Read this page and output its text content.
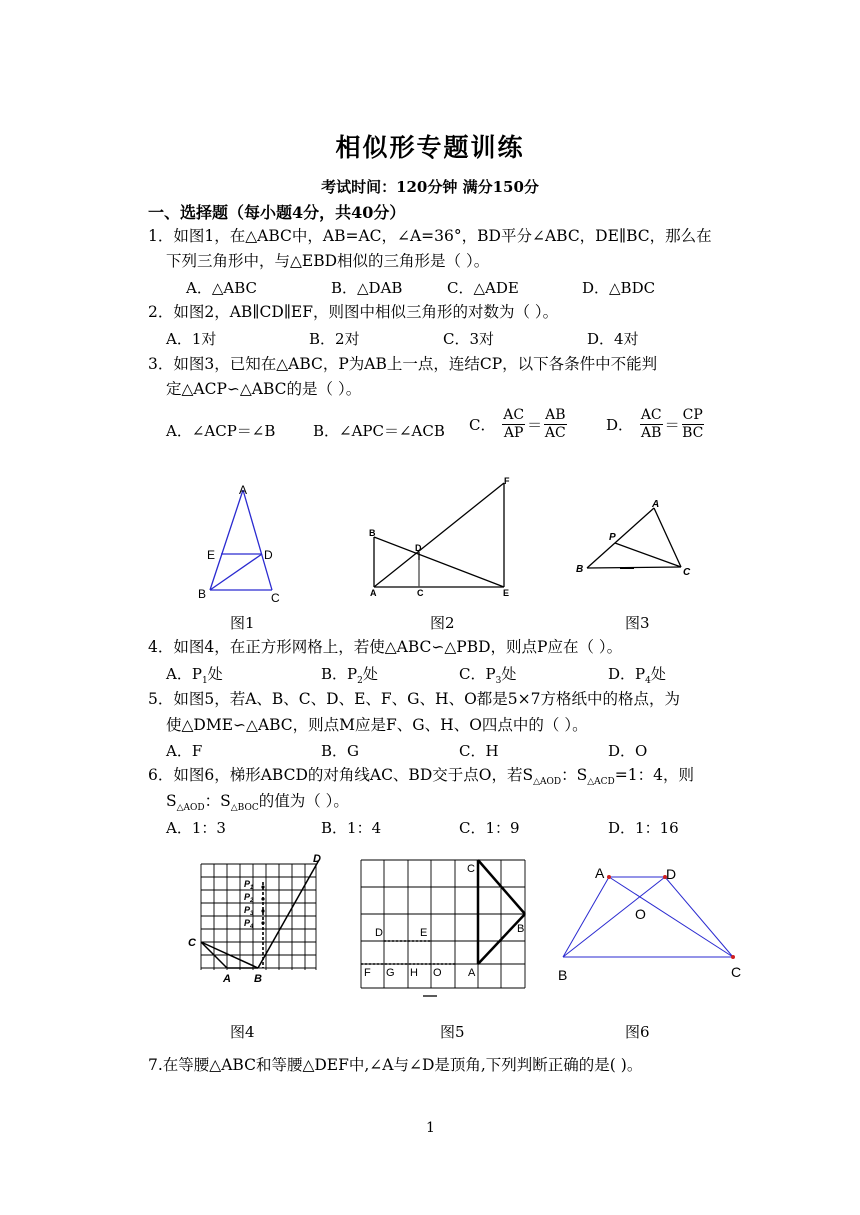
相似形专题训练
考试时间：120分钟 满分150分
一、选择题（每小题4分，共40分）
1．如图1，在△ABC中，AB=AC，∠A=36°，BD平分∠ABC，DE∥BC，那么在
下列三角形中，与△EBD相似的三角形是（ ）。
A．△ABC	B．△DAB	C．△ADE	D．△BDC
2．如图2，AB∥CD∥EF，则图中相似三角形的对数为（ ）。
A．1对	B．2对	C．3对	D．4对
3．如图3，已知在△ABC，P为AB上一点，连结CP，以下各条件中不能判
定△ACP∽△ABC的是（ ）。
A．∠ACP＝∠B	B．∠APC＝∠ACB C． $\frac{AC}{AP} = \frac{AB}{AC}$	D． $\frac{AC}{AB} = \frac{CP}{BC}$
A
E	D
B	C
F
B
D
A	C	E
A
P
B	C
图1	图2	图3
4．如图4，在正方形网格上，若使△ABC∽△PBD，则点P应在（ ）。
A．$P_1$处	B．$P_2$处	C．$P_3$处	D．$P_4$处
5．如图5，若A、B、C、D、E、F、G、H、O都是5×7方格纸中的格点，为
使△DME∽△ABC，则点M应是F、G、H、O四点中的（ ）。
A．F	B．G	C．H	D．O
6．如图6，梯形ABCD的对角线AC、BD交于点O，若$S_{\triangle AOD}$：$S_{\triangle ACD}=1$：4，则
$S_{\triangle AOD}$：$S_{\triangle BOC}$的值为（ ）。
A．1：3	B．1：4	C．1：9	D．1：16
P 1
P 2
P 3
P 4
D
C
A B
C
B
D	E
F G H O A
A	D
O
B	C
图4	图5	图6
7.在等腰△ABC和等腰△DEF中,∠A与∠D是顶角,下列判断正确的是( )。
1
